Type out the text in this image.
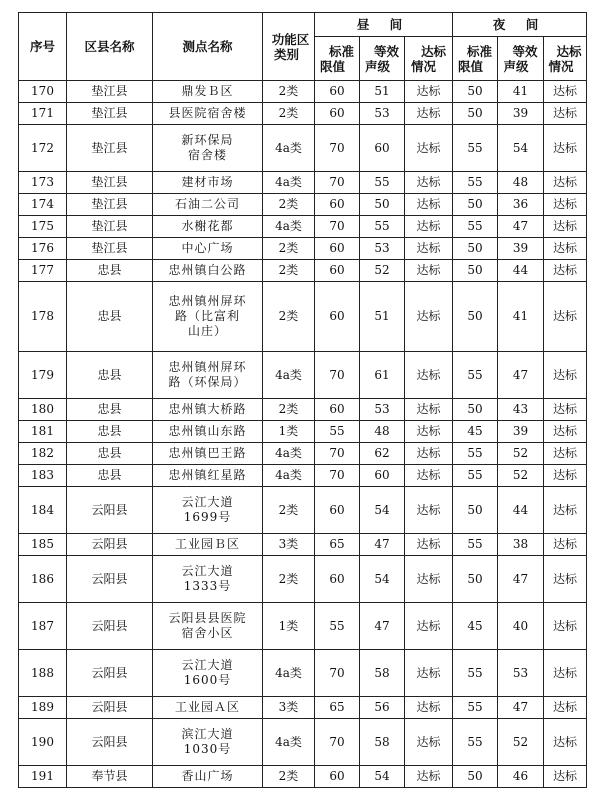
序号	区县名称	测点名称	功能区类别	昼 间			夜 间		
				标准限值	等效声级	达标情况	标准限值	等效声级	达标情况
170	垫江县	鼎发Ｂ区	2类	60	51	达标	50	41	达标
171	垫江县	县医院宿舍楼	2类	60	53	达标	50	39	达标
172	垫江县	新环保局
宿舍楼	4a类	70	60	达标	55	54	达标
173	垫江县	建材市场	4a类	70	55	达标	55	48	达标
174	垫江县	石油二公司	2类	60	50	达标	50	36	达标
175	垫江县	水榭花都	4a类	70	55	达标	55	47	达标
176	垫江县	中心广场	2类	60	53	达标	50	39	达标
177	忠县	忠州镇白公路	2类	60	52	达标	50	44	达标
178	忠县	忠州镇州屏环
路（比富利
山庄）	2类	60	51	达标	50	41	达标
179	忠县	忠州镇州屏环
路（环保局）	4a类	70	61	达标	55	47	达标
180	忠县	忠州镇大桥路	2类	60	53	达标	50	43	达标
181	忠县	忠州镇山东路	1类	55	48	达标	45	39	达标
182	忠县	忠州镇巴王路	4a类	70	62	达标	55	52	达标
183	忠县	忠州镇红星路	4a类	70	60	达标	55	52	达标
184	云阳县	云江大道
1699号	2类	60	54	达标	50	44	达标
185	云阳县	工业园Ｂ区	3类	65	47	达标	55	38	达标
186	云阳县	云江大道
1333号	2类	60	54	达标	50	47	达标
187	云阳县	云阳县县医院
宿舍小区	1类	55	47	达标	45	40	达标
188	云阳县	云江大道
1600号	4a类	70	58	达标	55	53	达标
189	云阳县	工业园Ａ区	3类	65	56	达标	55	47	达标
190	云阳县	滨江大道
1030号	4a类	70	58	达标	55	52	达标
191	奉节县	香山广场	2类	60	54	达标	50	46	达标
